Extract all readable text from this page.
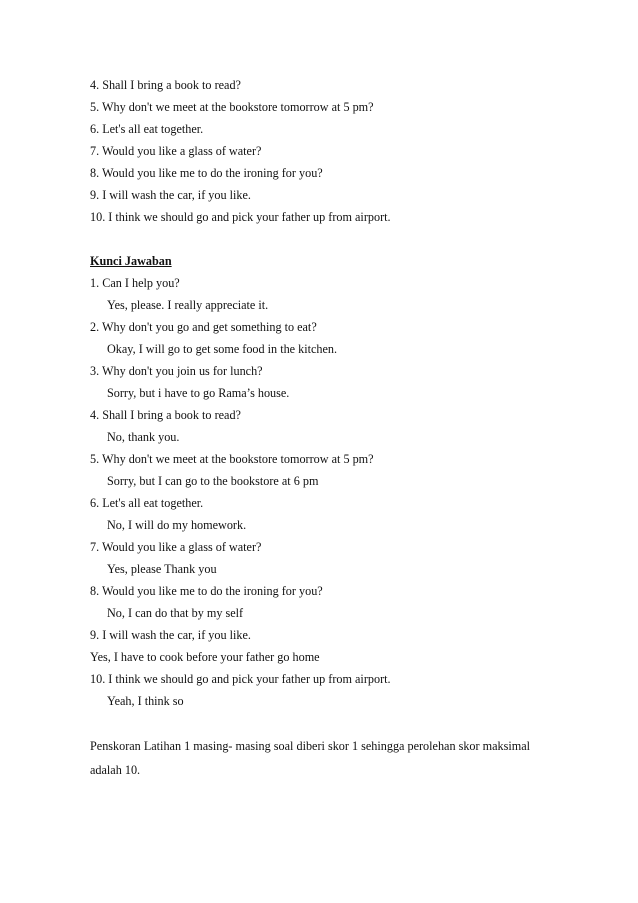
4. Shall I bring a book to read?
5. Why don't we meet at the bookstore tomorrow at 5 pm?
6. Let's all eat together.
7. Would you like a glass of water?
8. Would you like me to do the ironing for you?
9. I will wash the car, if you like.
10. I think we should go and pick your father up from airport.
Kunci Jawaban
1. Can I help you?
Yes, please. I really appreciate it.
2. Why don't you go and get something to eat?
Okay, I will go to get some food in the kitchen.
3. Why don't you join us for lunch?
Sorry, but i have to go Rama’s house.
4. Shall I bring a book to read?
No, thank you.
5. Why don't we meet at the bookstore tomorrow at 5 pm?
Sorry, but I can go to the bookstore at 6 pm
6. Let's all eat together.
No, I will do my homework.
7. Would you like a glass of water?
Yes, please Thank you
8. Would you like me to do the ironing for you?
No, I can do that by my self
9. I will wash the car, if you like.
Yes, I have to cook before your father go home
10. I think we should go and pick your father up from airport.
Yeah, I think so
Penskoran Latihan 1 masing- masing soal diberi skor 1 sehingga perolehan skor maksimal adalah 10.
